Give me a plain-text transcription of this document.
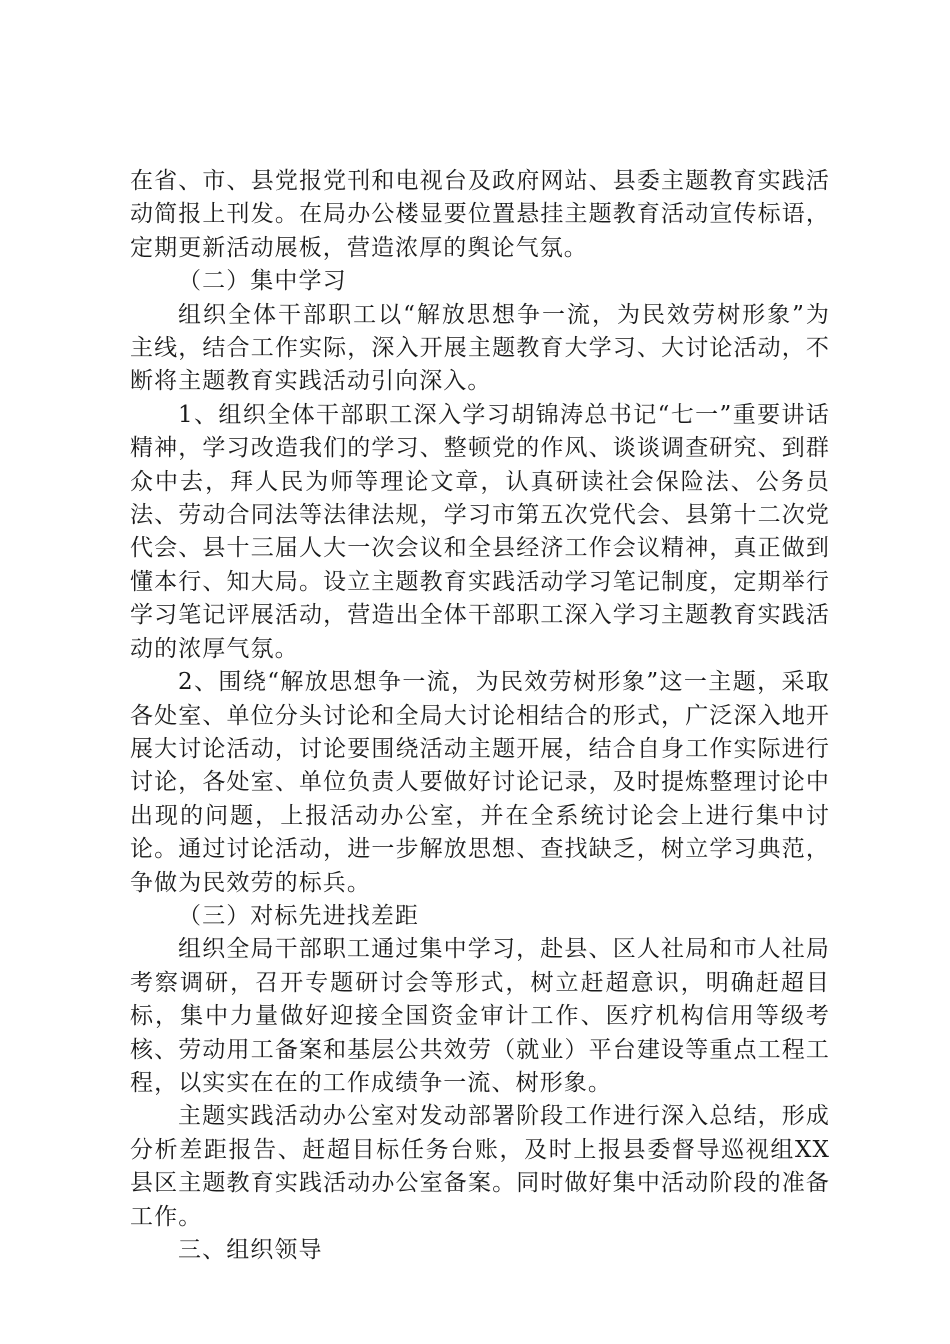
在省、市、县党报党刊和电视台及政府网站、县委主题教育实践活动简报上刊发。在局办公楼显要位置悬挂主题教育活动宣传标语，定期更新活动展板，营造浓厚的舆论气氛。

（二）集中学习

组织全体干部职工以“解放思想争一流，为民效劳树形象”为主线，结合工作实际，深入开展主题教育大学习、大讨论活动，不断将主题教育实践活动引向深入。

1、组织全体干部职工深入学习胡锦涛总书记“七一”重要讲话精神，学习改造我们的学习、整顿党的作风、谈谈调查研究、到群众中去，拜人民为师等理论文章，认真研读社会保险法、公务员法、劳动合同法等法律法规，学习市第五次党代会、县第十二次党代会、县十三届人大一次会议和全县经济工作会议精神，真正做到懂本行、知大局。设立主题教育实践活动学习笔记制度，定期举行学习笔记评展活动，营造出全体干部职工深入学习主题教育实践活动的浓厚气氛。

2、围绕“解放思想争一流，为民效劳树形象”这一主题，采取各处室、单位分头讨论和全局大讨论相结合的形式，广泛深入地开展大讨论活动，讨论要围绕活动主题开展，结合自身工作实际进行讨论，各处室、单位负责人要做好讨论记录，及时提炼整理讨论中出现的问题，上报活动办公室，并在全系统讨论会上进行集中讨论。通过讨论活动，进一步解放思想、查找缺乏，树立学习典范，争做为民效劳的标兵。

（三）对标先进找差距

组织全局干部职工通过集中学习，赴县、区人社局和市人社局考察调研，召开专题研讨会等形式，树立赶超意识，明确赶超目标，集中力量做好迎接全国资金审计工作、医疗机构信用等级考核、劳动用工备案和基层公共效劳（就业）平台建设等重点工程工程，以实实在在的工作成绩争一流、树形象。

主题实践活动办公室对发动部署阶段工作进行深入总结，形成分析差距报告、赶超目标任务台账，及时上报县委督导巡视组XX县区主题教育实践活动办公室备案。同时做好集中活动阶段的准备工作。

三、组织领导
